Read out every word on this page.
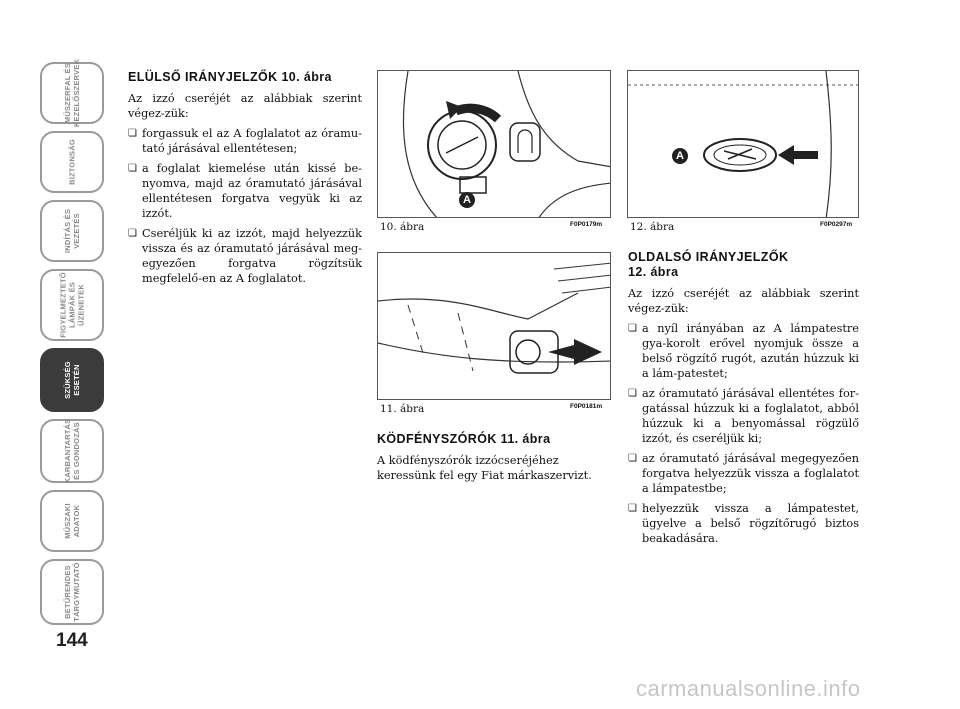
MŰSZERFAL ÉS
KEZELŐSZERVEK
BIZTONSÁG
INDÍTÁS ÉS
VEZETÉS
FIGYELMEZTETŐ
LÁMPÁK ÉS
ÜZENETEK
SZÜKSÉG
ESETÉN
KARBANTARTÁS
ÉS GONDOZÁS
MŰSZAKI
ADATOK
BETŰRENDES
TÁRGYMUTATÓ
144
ELÜLSŐ IRÁNYJELZŐK 10. ábra

Az izzó cseréjét az alábbiak szerint végez-zük:

❏ forgassuk el az A foglalatot az óramu-tató járásával ellentétesen;
❏ a foglalat kiemelése után kissé be-nyomva, majd az óramutató járásával ellentétesen forgatva vegyük ki az izzót.
❏ Cseréljük ki az izzót, majd helyezzük vissza és az óramutató járásával meg-egyezően forgatva rögzítsük megfelelő-en az A foglalatot.
A
10. ábra	F0P0179m
11. ábra	F0P0181m
KÖDFÉNYSZÓRÓK 11. ábra

A ködfényszórók izzócseréjéhez keressünk fel egy Fiat márkaszervizt.

A
12. ábra	F0P0297m
OLDALSÓ IRÁNYJELZŐK
12. ábra

Az izzó cseréjét az alábbiak szerint végez-zük:

❏ a nyíl irányában az A lámpatestre gya-korolt erővel nyomjuk össze a belső rögzítő rugót, azután húzzuk ki a lám-patestet;
❏ az óramutató járásával ellentétes for-gatással húzzuk ki a foglalatot, abból húzzuk ki a benyomással rögzülő izzót, és cseréljük ki;
❏ az óramutató járásával megegyezően forgatva helyezzük vissza a foglalatot a lámpatestbe;
❏ helyezzük vissza a lámpatestet, ügyelve a belső rögzítőrugó biztos beakadására.
carmanualsonline.info
